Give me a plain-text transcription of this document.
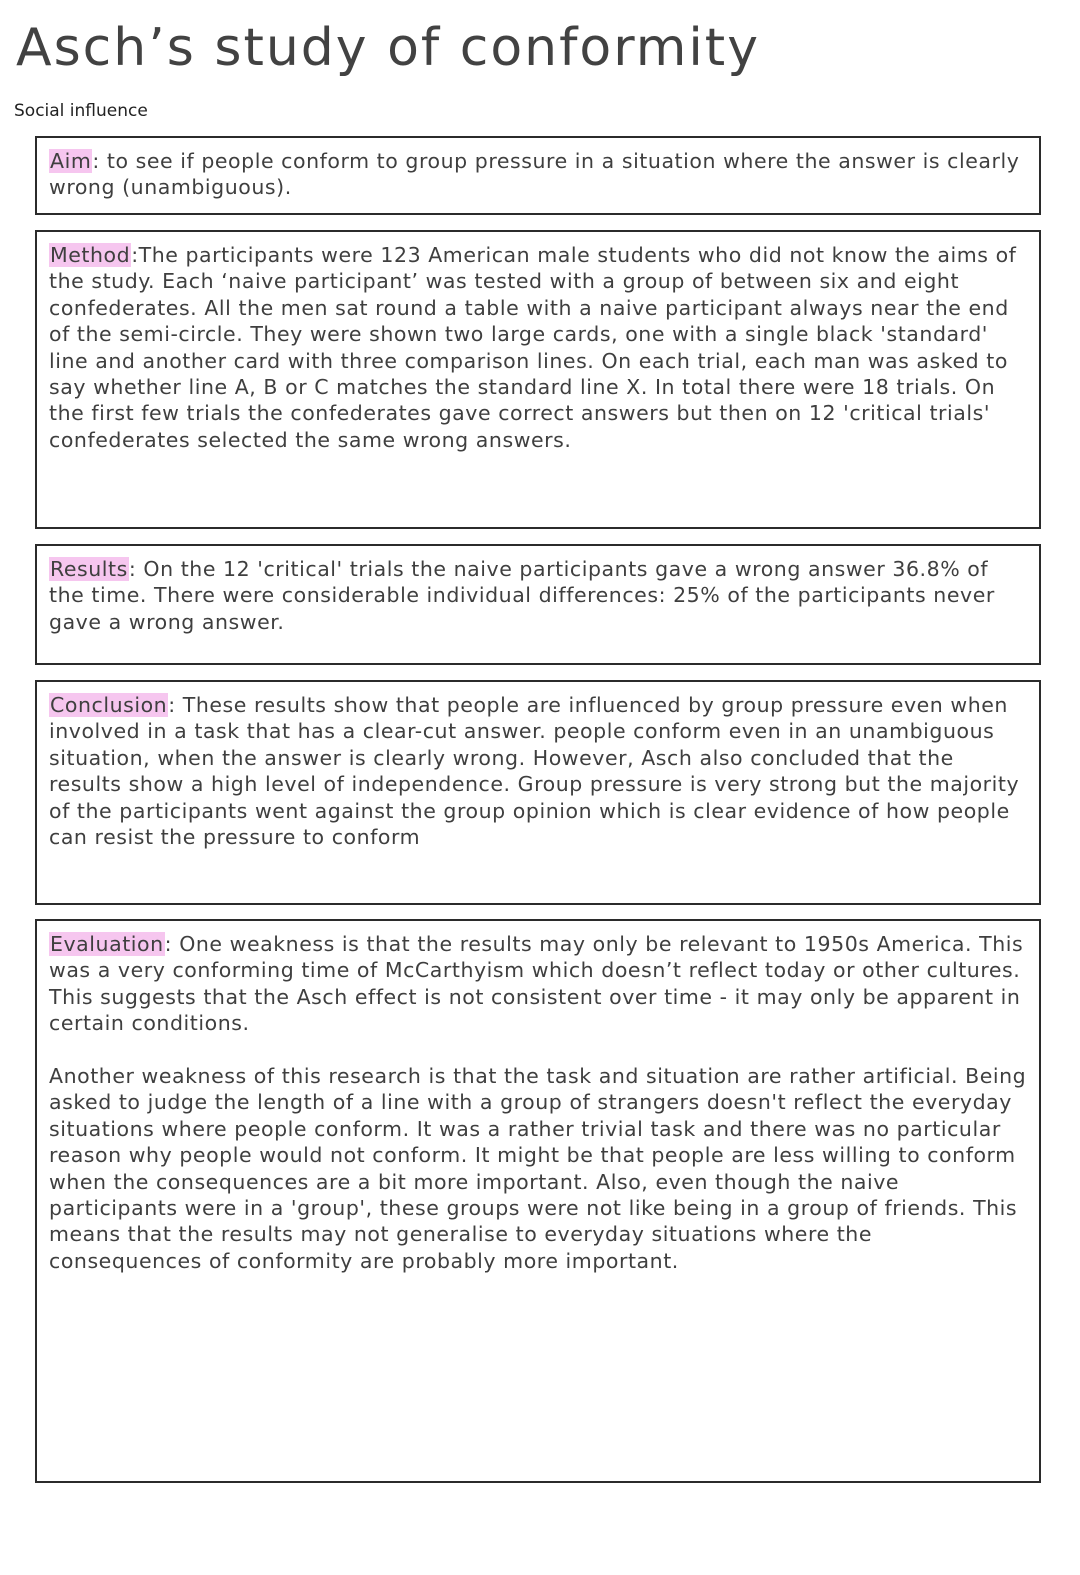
Asch’s study of conformity
Social influence

Aim: to see if people conform to group pressure in a situation where the answer is clearly wrong (unambiguous).

Method:The participants were 123 American male students who did not know the aims of the study. Each ‘naive participant’ was tested with a group of between six and eight confederates. All the men sat round a table with a naive participant always near the end of the semi-circle. They were shown two large cards, one with a single black 'standard' line and another card with three comparison lines. On each trial, each man was asked to say whether line A, B or C matches the standard line X. In total there were 18 trials. On the first few trials the confederates gave correct answers but then on 12 'critical trials' confederates selected the same wrong answers.

Results: On the 12 'critical' trials the naive participants gave a wrong answer 36.8% of the time. There were considerable individual differences: 25% of the participants never gave a wrong answer.

Conclusion: These results show that people are influenced by group pressure even when involved in a task that has a clear-cut answer. people conform even in an unambiguous situation, when the answer is clearly wrong. However, Asch also concluded that the results show a high level of independence. Group pressure is very strong but the majority of the participants went against the group opinion which is clear evidence of how people can resist the pressure to conform

Evaluation: One weakness is that the results may only be relevant to 1950s America. This was a very conforming time of McCarthyism which doesn’t reflect today or other cultures. This suggests that the Asch effect is not consistent over time - it may only be apparent in certain conditions.

Another weakness of this research is that the task and situation are rather artificial. Being asked to judge the length of a line with a group of strangers doesn't reflect the everyday situations where people conform. It was a rather trivial task and there was no particular reason why people would not conform. It might be that people are less willing to conform when the consequences are a bit more important. Also, even though the naive participants were in a 'group', these groups were not like being in a group of friends. This means that the results may not generalise to everyday situations where the consequences of conformity are probably more important.
